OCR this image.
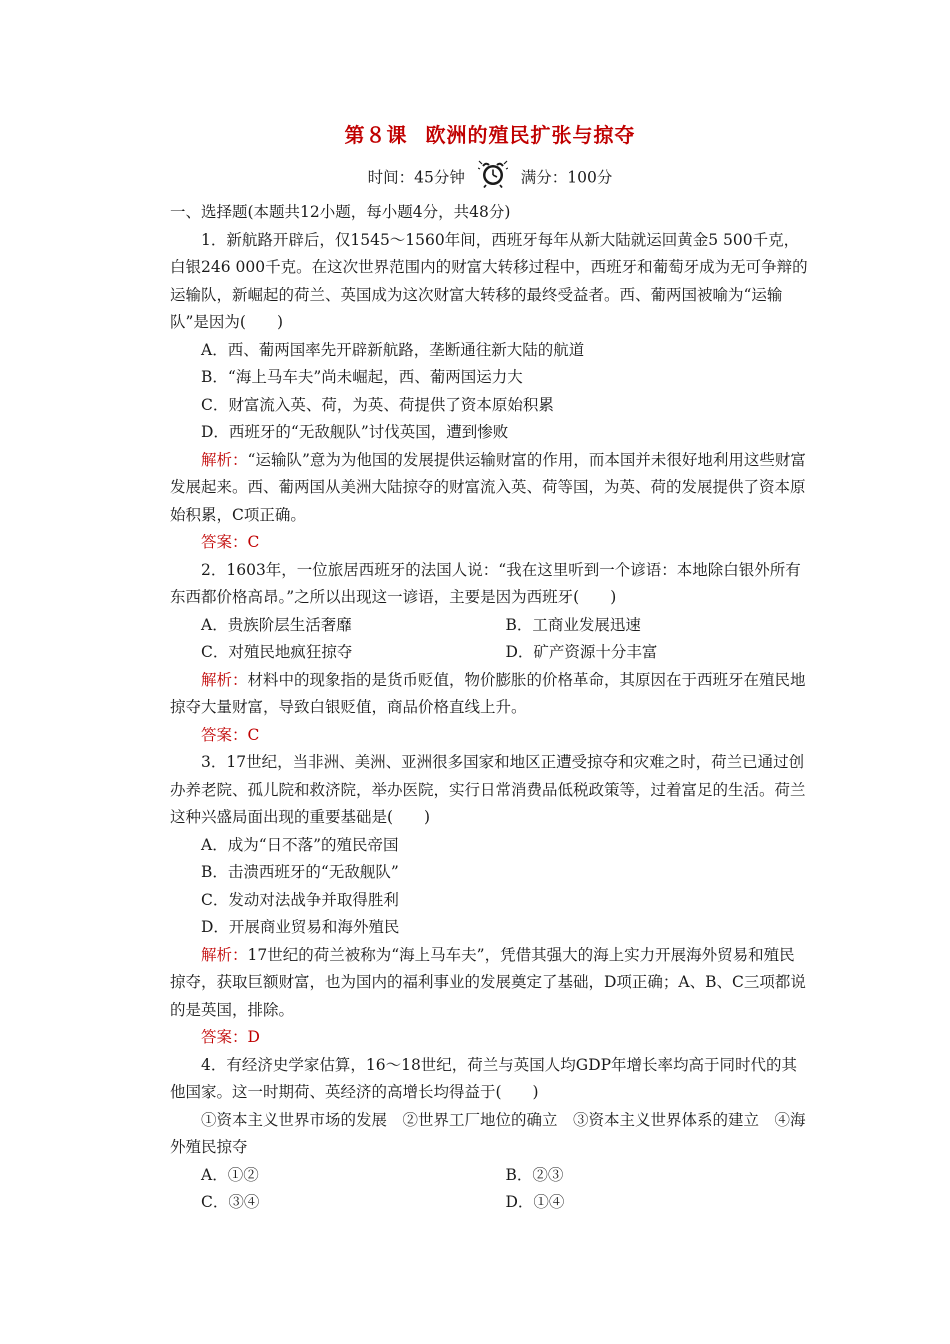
第８课 欧洲的殖民扩张与掠夺
时间：45分钟	满分：100分

一、选择题(本题共12小题，每小题4分，共48分)

1．新航路开辟后，仅1545～1560年间，西班牙每年从新大陆就运回黄金5 500千克，白银246 000千克。在这次世界范围内的财富大转移过程中，西班牙和葡萄牙成为无可争辩的运输队，新崛起的荷兰、英国成为这次财富大转移的最终受益者。西、葡两国被喻为“运输队”是因为(　　)

A．西、葡两国率先开辟新航路，垄断通往新大陆的航道

B．“海上马车夫”尚未崛起，西、葡两国运力大

C．财富流入英、荷，为英、荷提供了资本原始积累

D．西班牙的“无敌舰队”讨伐英国，遭到惨败

解析：“运输队”意为为他国的发展提供运输财富的作用，而本国并未很好地利用这些财富发展起来。西、葡两国从美洲大陆掠夺的财富流入英、荷等国，为英、荷的发展提供了资本原始积累，C项正确。

答案：C

2．1603年，一位旅居西班牙的法国人说：“我在这里听到一个谚语：本地除白银外所有东西都价格高昂。”之所以出现这一谚语，主要是因为西班牙(　　)

A．贵族阶层生活奢靡	B．工商业发展迅速
C．对殖民地疯狂掠夺	D．矿产资源十分丰富

解析：材料中的现象指的是货币贬值，物价膨胀的价格革命，其原因在于西班牙在殖民地掠夺大量财富，导致白银贬值，商品价格直线上升。

答案：C

3．17世纪，当非洲、美洲、亚洲很多国家和地区正遭受掠夺和灾难之时，荷兰已通过创办养老院、孤儿院和救济院，举办医院，实行日常消费品低税政策等，过着富足的生活。荷兰这种兴盛局面出现的重要基础是(　　)

A．成为“日不落”的殖民帝国

B．击溃西班牙的“无敌舰队”

C．发动对法战争并取得胜利

D．开展商业贸易和海外殖民

解析：17世纪的荷兰被称为“海上马车夫”，凭借其强大的海上实力开展海外贸易和殖民掠夺，获取巨额财富，也为国内的福利事业的发展奠定了基础，D项正确；A、B、C三项都说的是英国，排除。

答案：D

4．有经济史学家估算，16～18世纪，荷兰与英国人均GDP年增长率均高于同时代的其他国家。这一时期荷、英经济的高增长均得益于(　　)

①资本主义世界市场的发展　②世界工厂地位的确立　③资本主义世界体系的建立　④海外殖民掠夺

A．①②	B．②③
C．③④	D．①④
